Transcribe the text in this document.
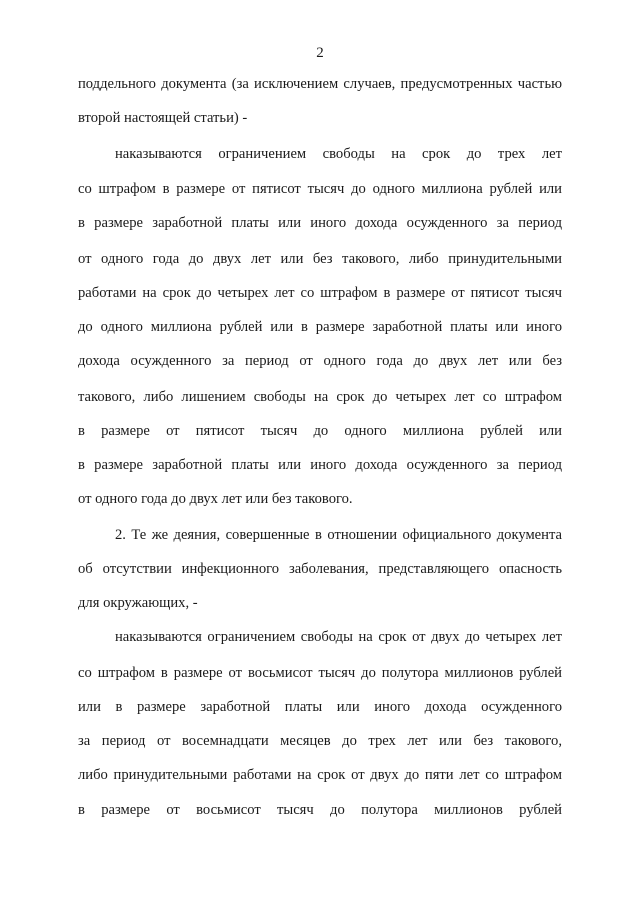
2
поддельного документа (за исключением случаев, предусмотренных частью
второй настоящей статьи) -
наказываются ограничением свободы на срок до трех лет
со штрафом в размере от пятисот тысяч до одного миллиона рублей или
в размере заработной платы или иного дохода осужденного за период
от одного года до двух лет или без такового, либо принудительными
работами на срок до четырех лет со штрафом в размере от пятисот тысяч
до одного миллиона рублей или в размере заработной платы или иного
дохода осужденного за период от одного года до двух лет или без
такового, либо лишением свободы на срок до четырех лет со штрафом
в размере от пятисот тысяч до одного миллиона рублей или
в размере заработной платы или иного дохода осужденного за период
от одного года до двух лет или без такового.
2. Те же деяния, совершенные в отношении официального документа
об отсутствии инфекционного заболевания, представляющего опасность
для окружающих, -
наказываются ограничением свободы на срок от двух до четырех лет
со штрафом в размере от восьмисот тысяч до полутора миллионов рублей
или в размере заработной платы или иного дохода осужденного
за период от восемнадцати месяцев до трех лет или без такового,
либо принудительными работами на срок от двух до пяти лет со штрафом
в размере от восьмисот тысяч до полутора миллионов рублей
